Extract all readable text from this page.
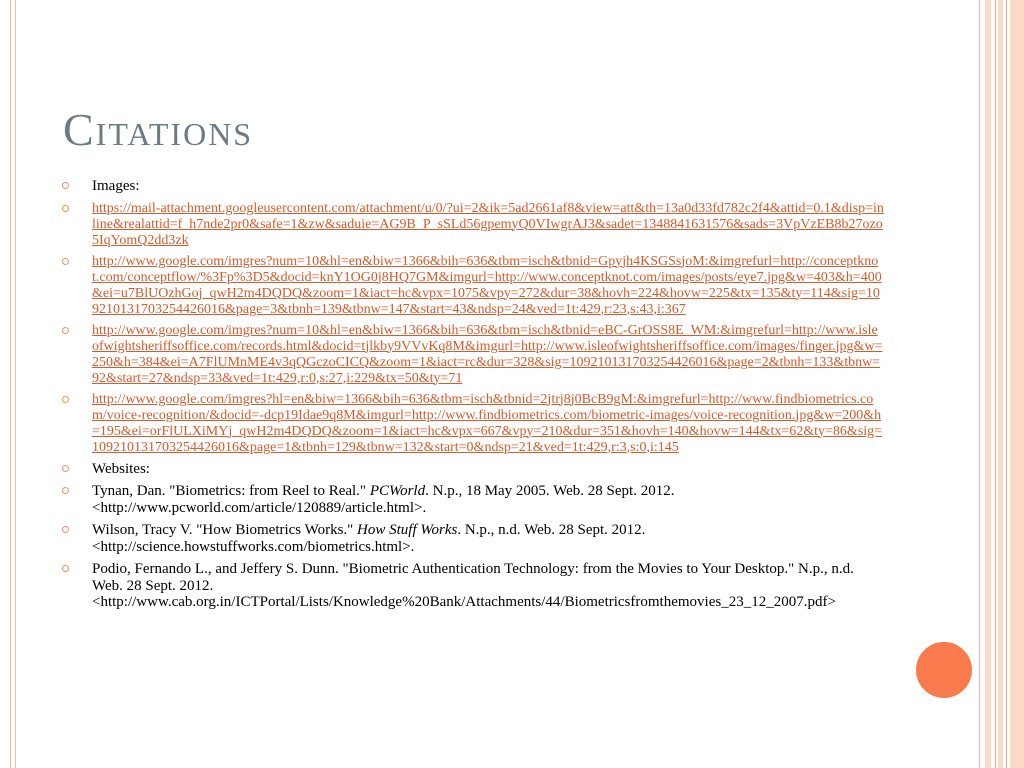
Citations
Images:
https://mail-attachment.googleusercontent.com/attachment/u/0/?ui=2&ik=5ad2661af8&view=att&th=13a0d33fd782c2f4&attid=0.1&disp=inline&realattid=f_h7nde2pr0&safe=1&zw&saduie=AG9B_P_sSLd56gpemyQ0VIwgrAJ3&sadet=1348841631576&sads=3VpVzEB8b27ozo5IqYomQ2dd3zk
http://www.google.com/imgres?num=10&hl=en&biw=1366&bih=636&tbm=isch&tbnid=Gpyjh4KSGSsjoM:&imgrefurl=http://conceptknot.com/conceptflow/%3Fp%3D5&docid=knY1OG0j8HQ7GM&imgurl=http://www.conceptknot.com/images/posts/eye7.jpg&w=403&h=400&ei=u7BlUOzhGoj_qwH2m4DQDQ&zoom=1&iact=hc&vpx=1075&vpy=272&dur=38&hovh=224&hovw=225&tx=135&ty=114&sig=109210131703254426016&page=3&tbnh=139&tbnw=147&start=43&ndsp=24&ved=1t:429,r:23,s:43,i:367
http://www.google.com/imgres?num=10&hl=en&biw=1366&bih=636&tbm=isch&tbnid=eBC-GrOSS8E_WM:&imgrefurl=http://www.isleofwightsheriffsoffice.com/records.html&docid=tjlkby9VVvKq8M&imgurl=http://www.isleofwightsheriffsoffice.com/images/finger.jpg&w=250&h=384&ei=A7FlUMnME4v3qQGczoCICQ&zoom=1&iact=rc&dur=328&sig=109210131703254426016&page=2&tbnh=133&tbnw=92&start=27&ndsp=33&ved=1t:429,r:0,s:27,i:229&tx=50&ty=71
http://www.google.com/imgres?hl=en&biw=1366&bih=636&tbm=isch&tbnid=2jtrj8j0BcB9gM:&imgrefurl=http://www.findbiometrics.com/voice-recognition/&docid=-dcp19Idae9q8M&imgurl=http://www.findbiometrics.com/biometric-images/voice-recognition.jpg&w=200&h=195&ei=orFlULXiMYj_qwH2m4DQDQ&zoom=1&iact=hc&vpx=667&vpy=210&dur=351&hovh=140&hovw=144&tx=62&ty=86&sig=109210131703254426016&page=1&tbnh=129&tbnw=132&start=0&ndsp=21&ved=1t:429,r:3,s:0,i:145
Websites:
Tynan, Dan. "Biometrics: from Reel to Real." PCWorld. N.p., 18 May 2005. Web. 28 Sept. 2012.
<http://www.pcworld.com/article/120889/article.html>.
Wilson, Tracy V. "How Biometrics Works." How Stuff Works. N.p., n.d. Web. 28 Sept. 2012.
<http://science.howstuffworks.com/biometrics.html>.
Podio, Fernando L., and Jeffery S. Dunn. "Biometric Authentication Technology: from the Movies to Your Desktop." N.p., n.d. Web. 28 Sept. 2012.
<http://www.cab.org.in/ICTPortal/Lists/Knowledge%20Bank/Attachments/44/Biometricsfromthemovies_23_12_2007.pdf>
